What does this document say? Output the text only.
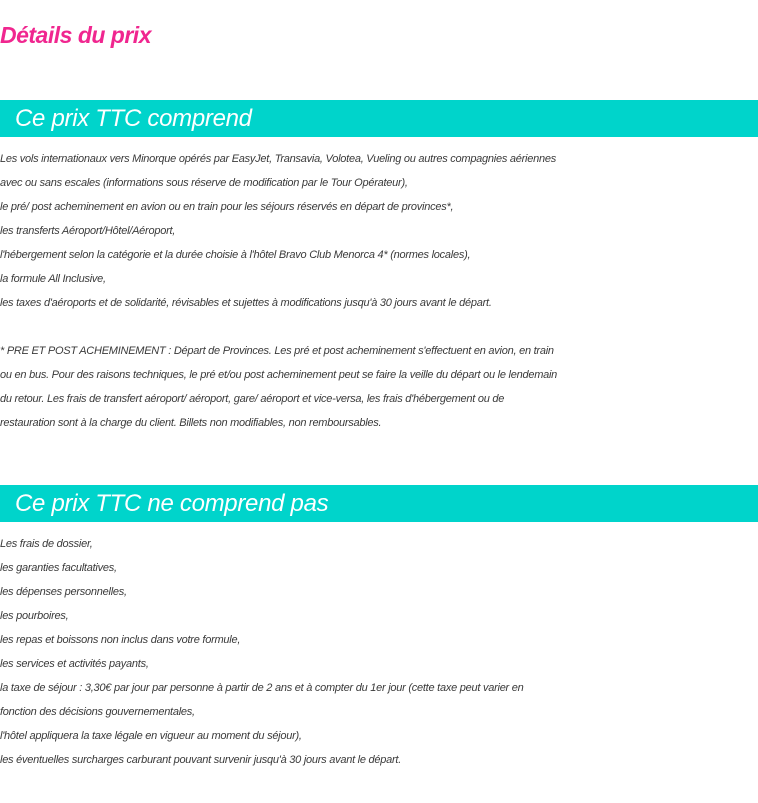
Détails du prix
Ce prix TTC comprend
Les vols internationaux vers Minorque opérés par EasyJet, Transavia, Volotea, Vueling ou autres compagnies aériennes
avec ou sans escales (informations sous réserve de modification par le Tour Opérateur),
le pré/ post acheminement en avion ou en train pour les séjours réservés en départ de provinces*,
les transferts Aéroport/Hôtel/Aéroport,
l'hébergement selon la catégorie et la durée choisie à l'hôtel Bravo Club Menorca 4* (normes locales),
la formule All Inclusive,
les taxes d'aéroports et de solidarité, révisables et sujettes à modifications jusqu'à 30 jours avant le départ.
* PRE ET POST ACHEMINEMENT : Départ de Provinces. Les pré et post acheminement s'effectuent en avion, en train
ou en bus. Pour des raisons techniques, le pré et/ou post acheminement peut se faire la veille du départ ou le lendemain
du retour. Les frais de transfert aéroport/ aéroport, gare/ aéroport et vice-versa, les frais d'hébergement ou de
restauration sont à la charge du client. Billets non modifiables, non remboursables.
Ce prix TTC ne comprend pas
Les frais de dossier,
les garanties facultatives,
les dépenses personnelles,
les pourboires,
les repas et boissons non inclus dans votre formule,
les services et activités payants,
la taxe de séjour : 3,30€ par jour par personne à partir de 2 ans et à compter du 1er jour (cette taxe peut varier en
fonction des décisions gouvernementales,
l'hôtel appliquera la taxe légale en vigueur au moment du séjour),
les éventuelles surcharges carburant pouvant survenir jusqu'à 30 jours avant le départ.
